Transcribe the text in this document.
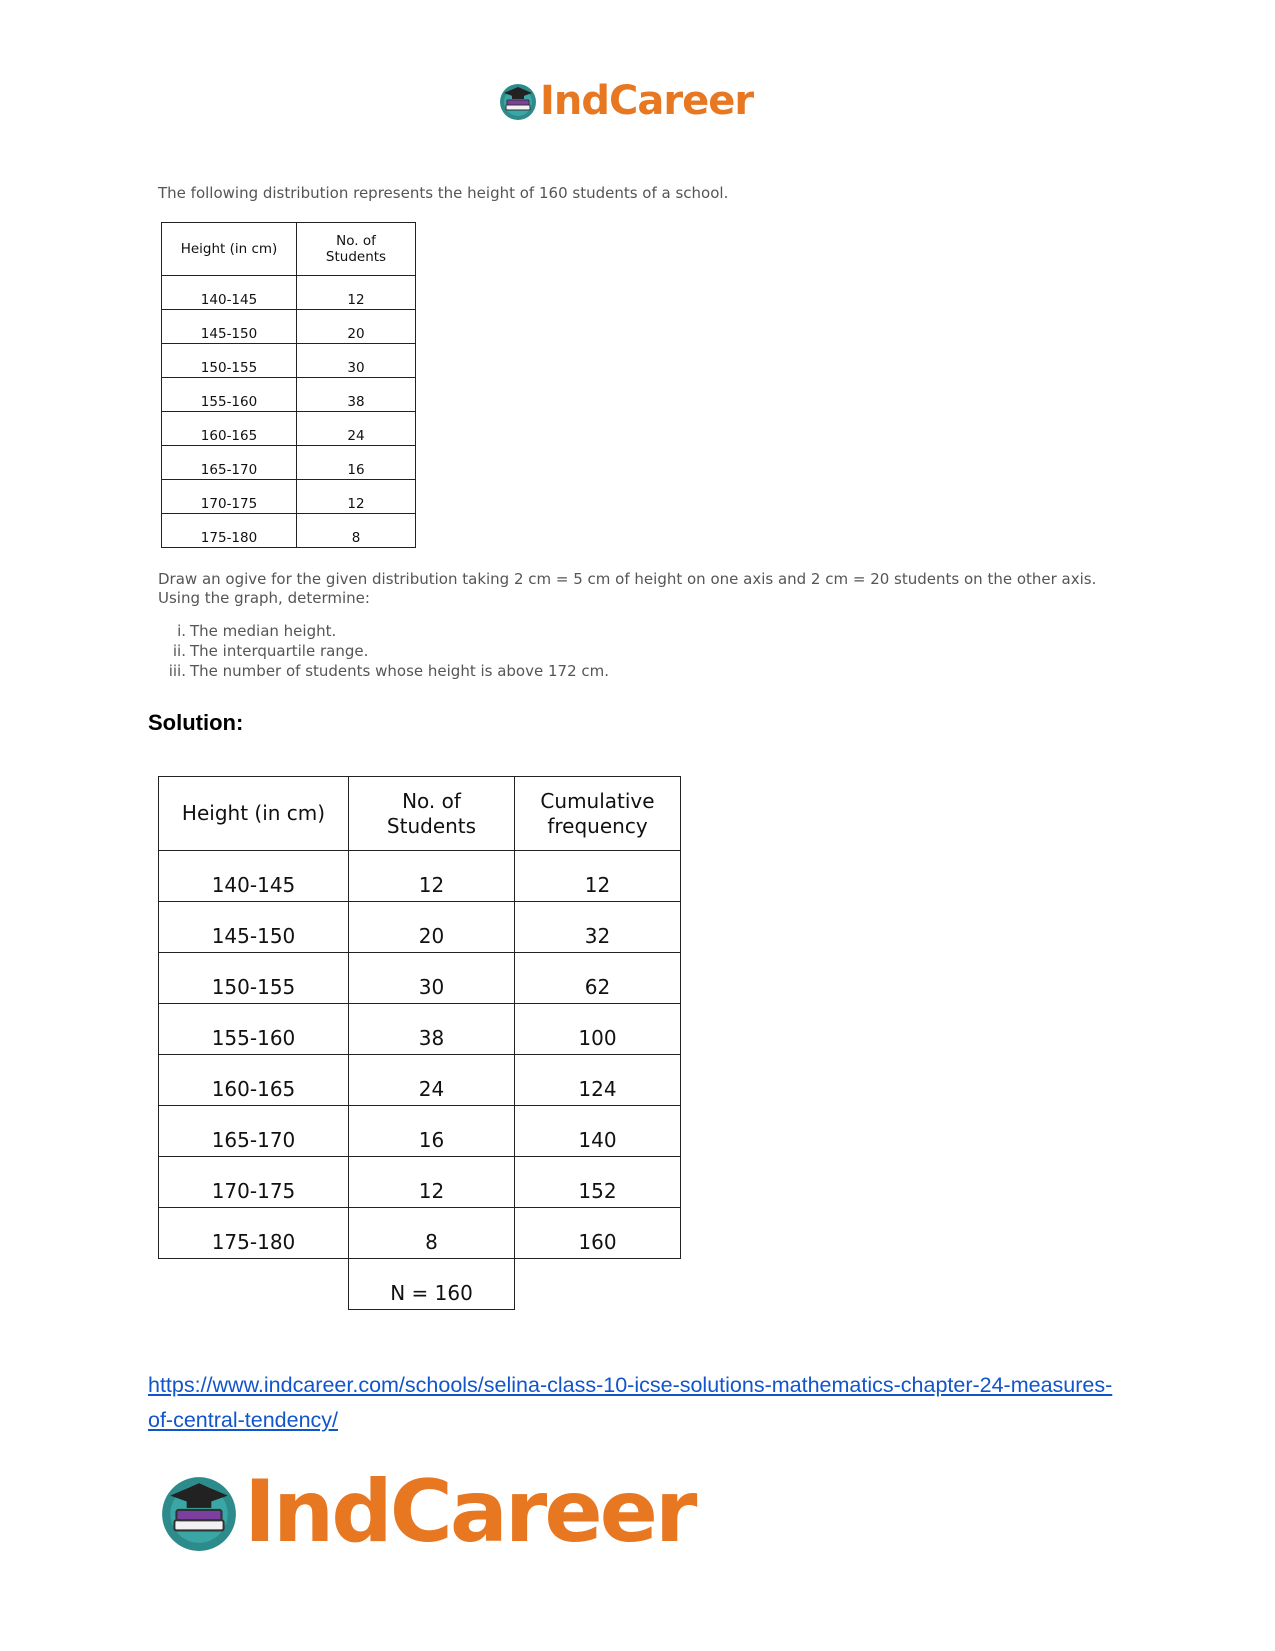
IndCareer
The following distribution represents the height of 160 students of a school.
Height (in cm)	No. of Students
140-145	12
145-150	20
150-155	30
155-160	38
160-165	24
165-170	16
170-175	12
175-180	8
Draw an ogive for the given distribution taking 2 cm = 5 cm of height on one axis and 2 cm = 20 students on the other axis. Using the graph, determine:
i. The median height.
ii. The interquartile range.
iii. The number of students whose height is above 172 cm.
Solution:
Height (in cm)	No. of Students	Cumulative frequency
140-145	12	12
145-150	20	32
150-155	30	62
155-160	38	100
160-165	24	124
165-170	16	140
170-175	12	152
175-180	8	160
	N = 160	
https://www.indcareer.com/schools/selina-class-10-icse-solutions-mathematics-chapter-24-measures-of-central-tendency/
IndCareer
